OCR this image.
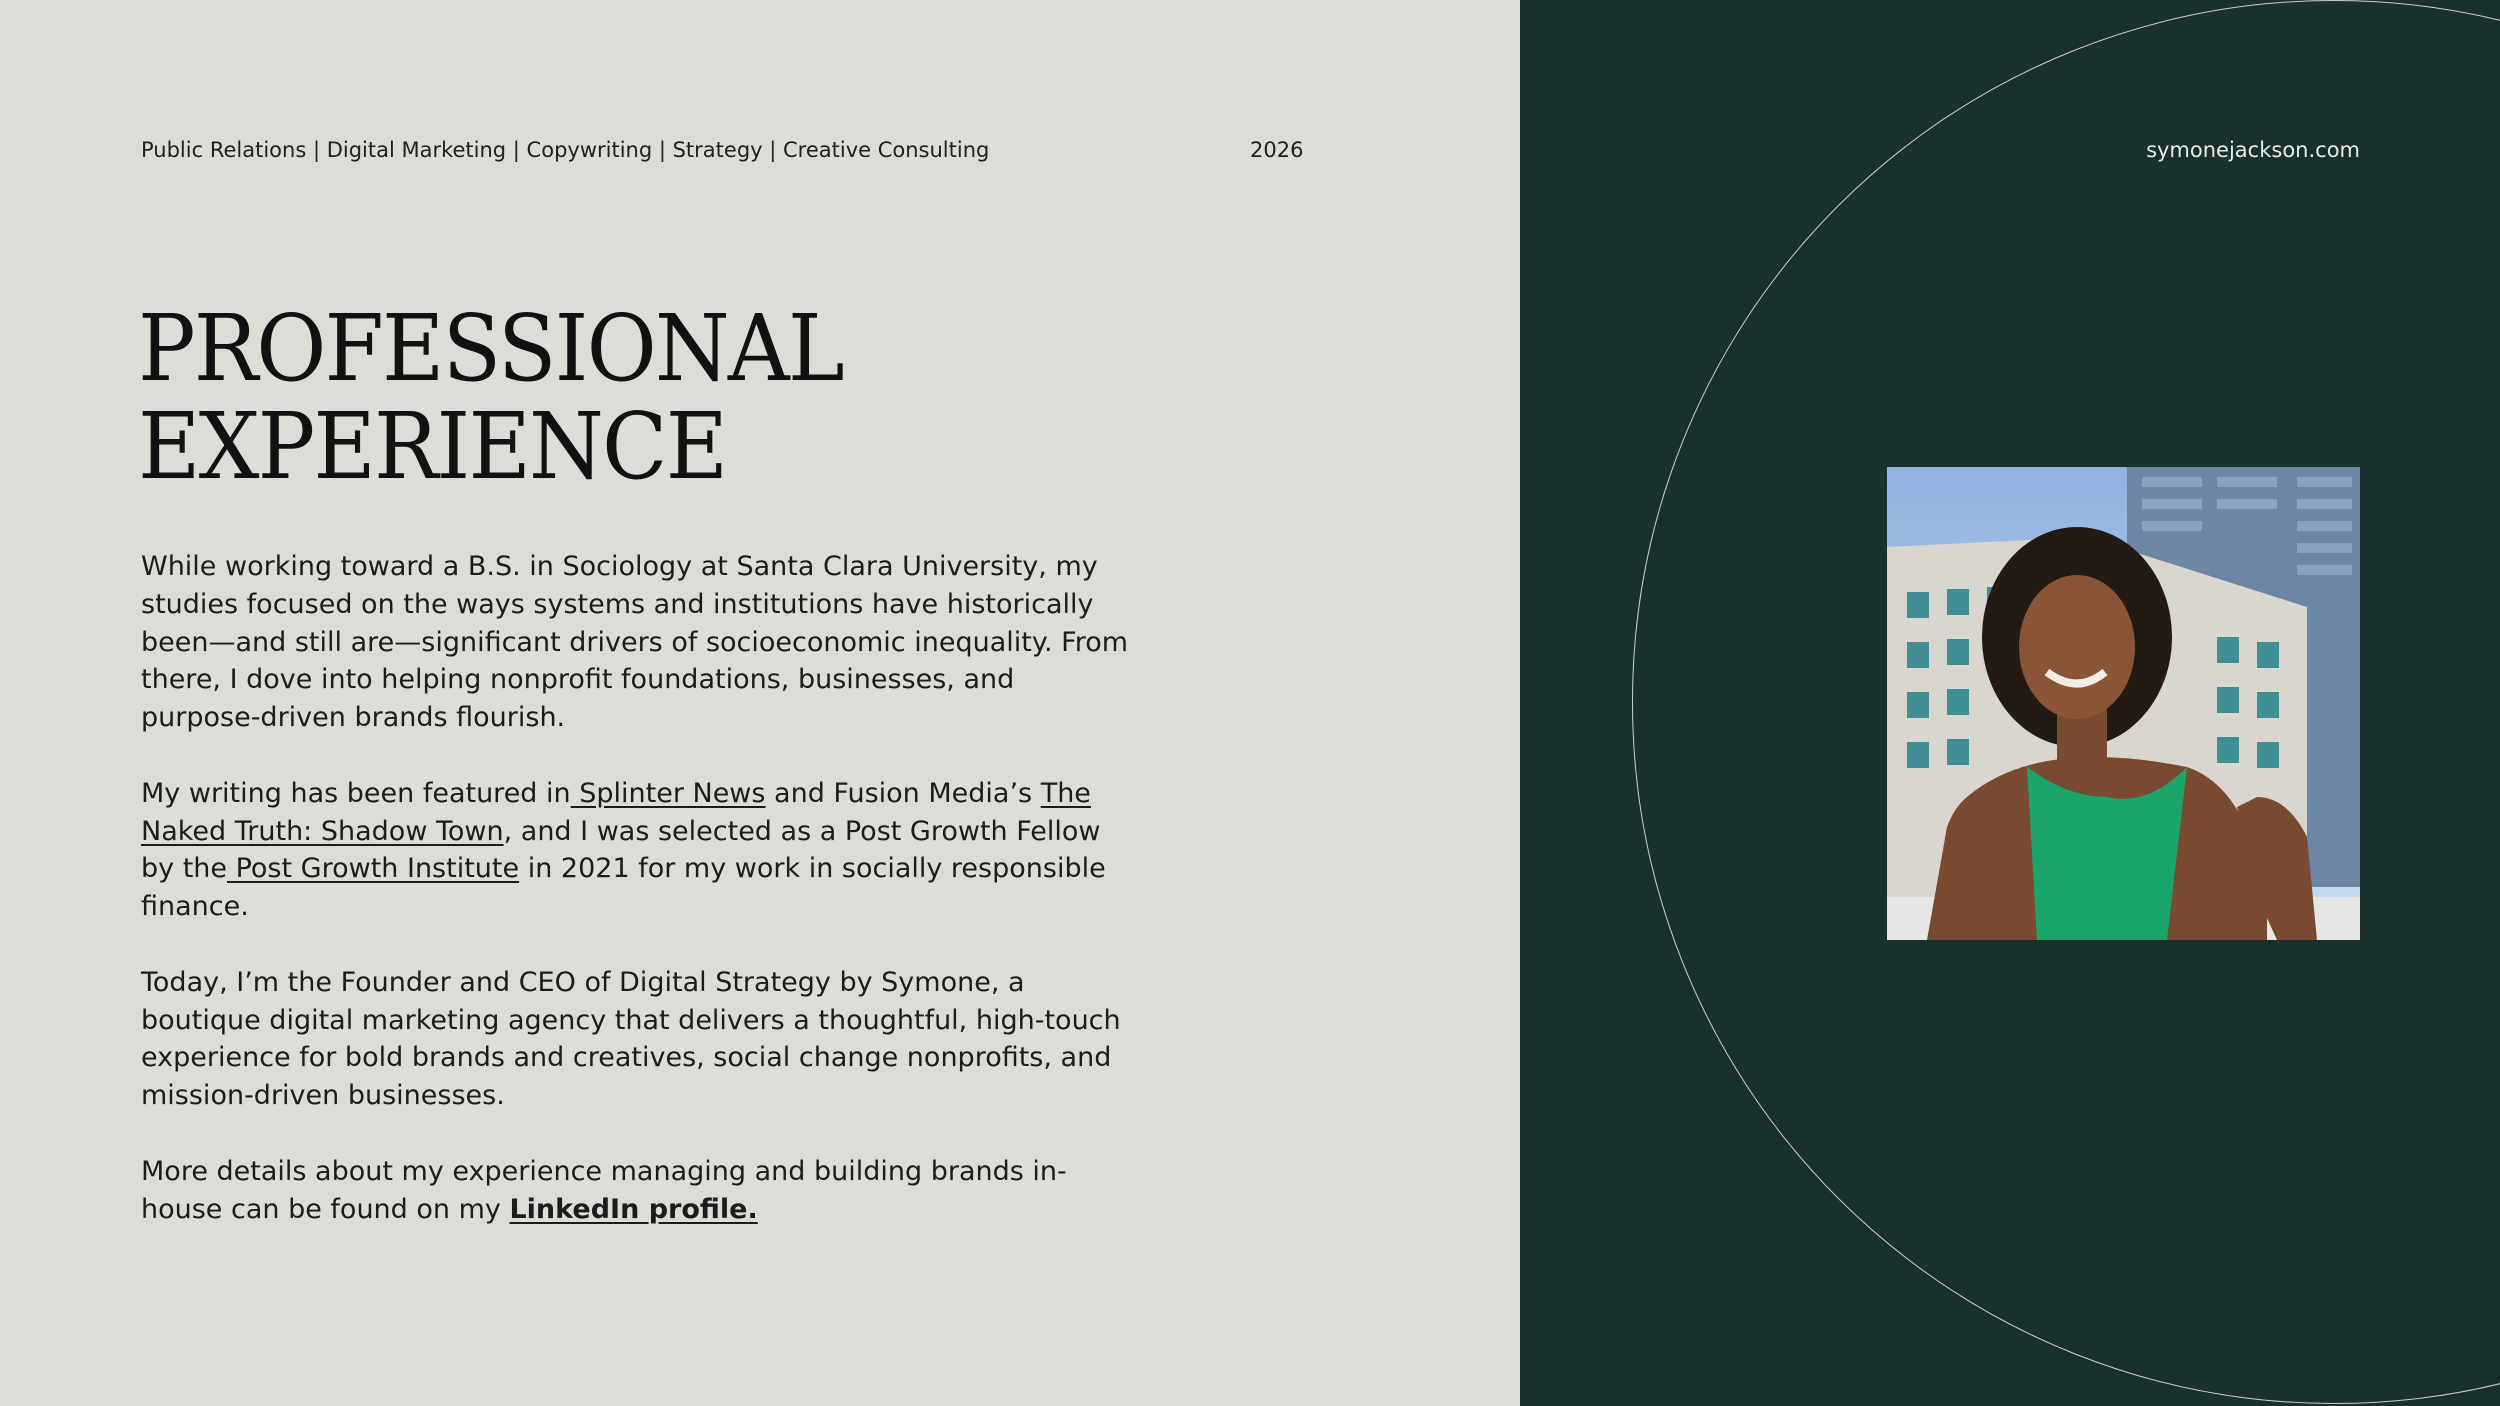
Public Relations | Digital Marketing | Copywriting | Strategy | Creative Consulting	2026	symonejackson.com
PROFESSIONAL
EXPERIENCE

While working toward a B.S. in Sociology at Santa Clara University, my studies focused on the ways systems and institutions have historically been—and still are—significant drivers of socioeconomic inequality. From there, I dove into helping nonprofit foundations, businesses, and purpose-driven brands flourish.

My writing has been featured in Splinter News and Fusion Media’s The Naked Truth: Shadow Town, and I was selected as a Post Growth Fellow by the Post Growth Institute in 2021 for my work in socially responsible finance.

Today, I’m the Founder and CEO of Digital Strategy by Symone, a boutique digital marketing agency that delivers a thoughtful, high-touch experience for bold brands and creatives, social change nonprofits, and mission-driven businesses.

More details about my experience managing and building brands in-house can be found on my LinkedIn profile.
